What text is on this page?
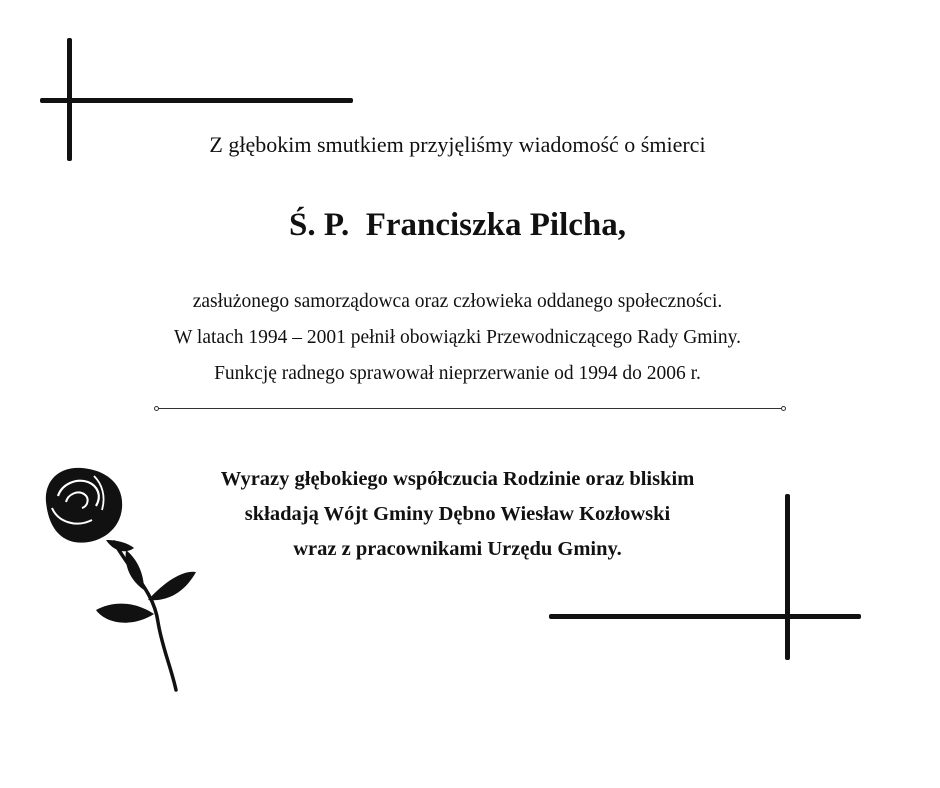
Z głębokim smutkiem przyjęliśmy wiadomość o śmierci
Ś. P.  Franciszka Pilcha,
zasłużonego samorządowca oraz człowieka oddanego społeczności.
W latach 1994 – 2001 pełnił obowiązki Przewodniczącego Rady Gminy.
Funkcję radnego sprawował nieprzerwanie od 1994 do 2006 r.
Wyrazy głębokiego współczucia Rodzinie oraz bliskim
składają Wójt Gminy Dębno Wiesław Kozłowski
wraz z pracownikami Urzędu Gminy.
